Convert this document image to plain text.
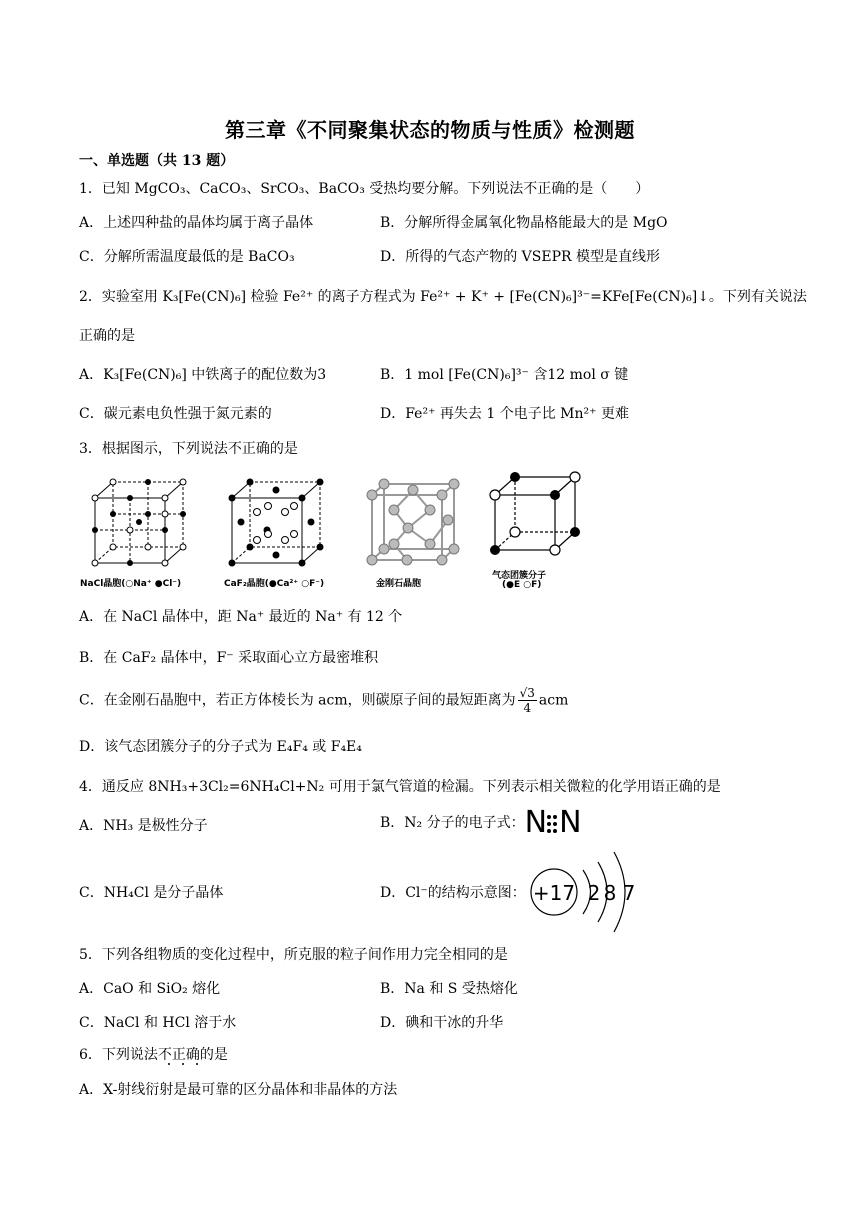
第三章《不同聚集状态的物质与性质》检测题
一、单选题（共 13 题）
1．已知 MgCO₃、CaCO₃、SrCO₃、BaCO₃ 受热均要分解。下列说法不正确的是（　　）
A．上述四种盐的晶体均属于离子晶体	B．分解所得金属氧化物晶格能最大的是 MgO
C．分解所需温度最低的是 BaCO₃	D．所得的气态产物的 VSEPR 模型是直线形
2．实验室用 K₃[Fe(CN)₆] 检验 Fe²⁺ 的离子方程式为 Fe²⁺ + K⁺ + [Fe(CN)₆]³⁻=KFe[Fe(CN)₆]↓。下列有关说法
正确的是
A．K₃[Fe(CN)₆] 中铁离子的配位数为3	B．1 mol [Fe(CN)₆]³⁻ 含12 mol σ 键
C．碳元素电负性强于氮元素的	D．Fe²⁺ 再失去 1 个电子比 Mn²⁺ 更难
3．根据图示，下列说法不正确的是
NaCl晶胞(○Na⁺ ●Cl⁻)	CaF₂晶胞(●Ca²⁺ ○F⁻)	金刚石晶胞
气态团簇分子
(●E ○F)
A．在 NaCl 晶体中，距 Na⁺ 最近的 Na⁺ 有 12 个
B．在 CaF₂ 晶体中，F⁻ 采取面心立方最密堆积
C．在金刚石晶胞中，若正方体棱长为 acm，则碳原子间的最短距离为 $\frac{√3}{4}$ acm
D．该气态团簇分子的分子式为 E₄F₄ 或 F₄E₄
4．通反应 8NH₃+3Cl₂=6NH₄Cl+N₂ 可用于氯气管道的检漏。下列表示相关微粒的化学用语正确的是
A．NH₃ 是极性分子	B．N₂ 分子的电子式：N N
C．NH₄Cl 是分子晶体	D．Cl⁻的结构示意图： +17 2 8 7
5．下列各组物质的变化过程中，所克服的粒子间作用力完全相同的是
A．CaO 和 SiO₂ 熔化	B．Na 和 S 受热熔化
C．NaCl 和 HCl 溶于水	D．碘和干冰的升华
6．下列说法不正确的是
A．X-射线衍射是最可靠的区分晶体和非晶体的方法
